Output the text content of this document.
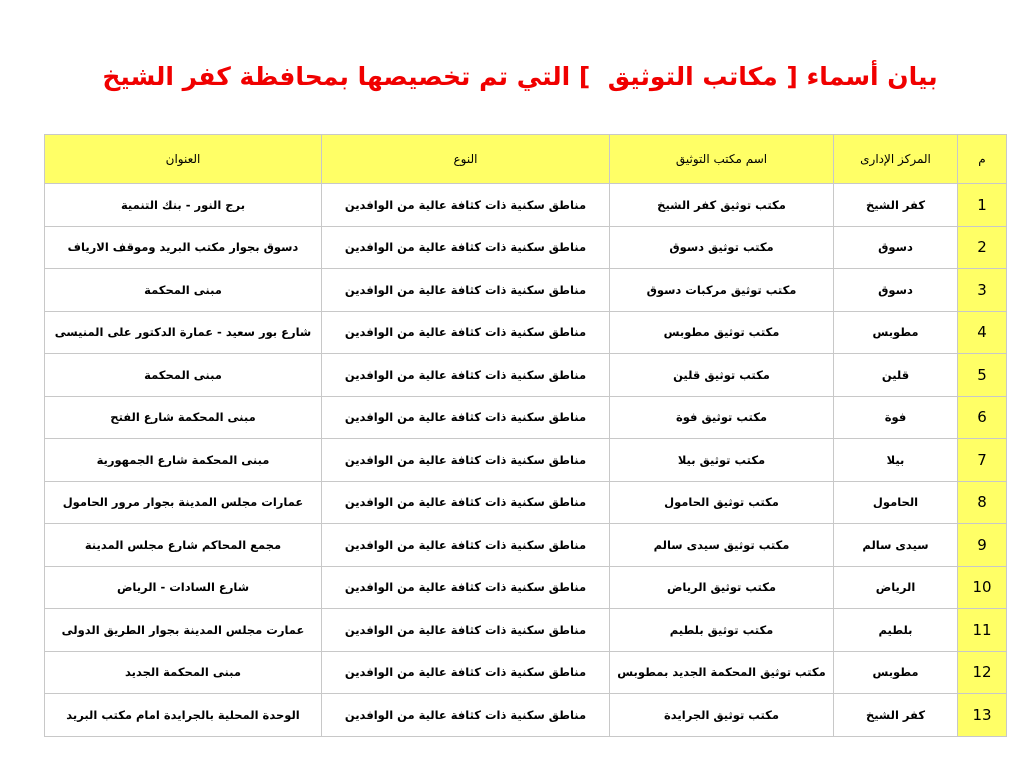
بيان أسماء [ مكاتب التوثيق  ] التي تم تخصيصها بمحافظة كفر الشيخ
م	المركز الإدارى	اسم مكتب التوثيق	النوع	العنوان
1	كفر الشيخ	مكتب توثيق كفر الشيخ	مناطق سكنية ذات كثافة عالية من الوافدين	برج النور - بنك التنمية
2	دسوق	مكتب توثيق دسوق	مناطق سكنية ذات كثافة عالية من الوافدين	دسوق بجوار مكتب البريد وموقف الارياف
3	دسوق	مكتب توثيق مركبات دسوق	مناطق سكنية ذات كثافة عالية من الوافدين	مبنى المحكمة
4	مطوبس	مكتب توثيق مطوبس	مناطق سكنية ذات كثافة عالية من الوافدين	شارع بور سعيد - عمارة الدكتور على المنيسى
5	قلين	مكتب توثيق قلين	مناطق سكنية ذات كثافة عالية من الوافدين	مبنى المحكمة
6	فوة	مكتب توثيق فوة	مناطق سكنية ذات كثافة عالية من الوافدين	مبنى المحكمة شارع الفتح
7	بيلا	مكتب توثيق بيلا	مناطق سكنية ذات كثافة عالية من الوافدين	مبنى المحكمة شارع الجمهورية
8	الحامول	مكتب توثيق الحامول	مناطق سكنية ذات كثافة عالية من الوافدين	عمارات مجلس المدينة بجوار مرور الحامول
9	سيدى سالم	مكتب توثيق سيدى سالم	مناطق سكنية ذات كثافة عالية من الوافدين	مجمع المحاكم شارع مجلس المدينة
10	الرياض	مكتب توثيق الرياض	مناطق سكنية ذات كثافة عالية من الوافدين	شارع السادات - الرياض
11	بلطيم	مكتب توثيق بلطيم	مناطق سكنية ذات كثافة عالية من الوافدين	عمارت مجلس المدينة بجوار الطريق الدولى
12	مطوبس	مكتب توثيق المحكمة الجديد بمطوبس	مناطق سكنية ذات كثافة عالية من الوافدين	مبنى المحكمة الجديد
13	كفر الشيخ	مكتب توثيق الجرايدة	مناطق سكنية ذات كثافة عالية من الوافدين	الوحدة المحلية بالجرايدة امام مكتب البريد
